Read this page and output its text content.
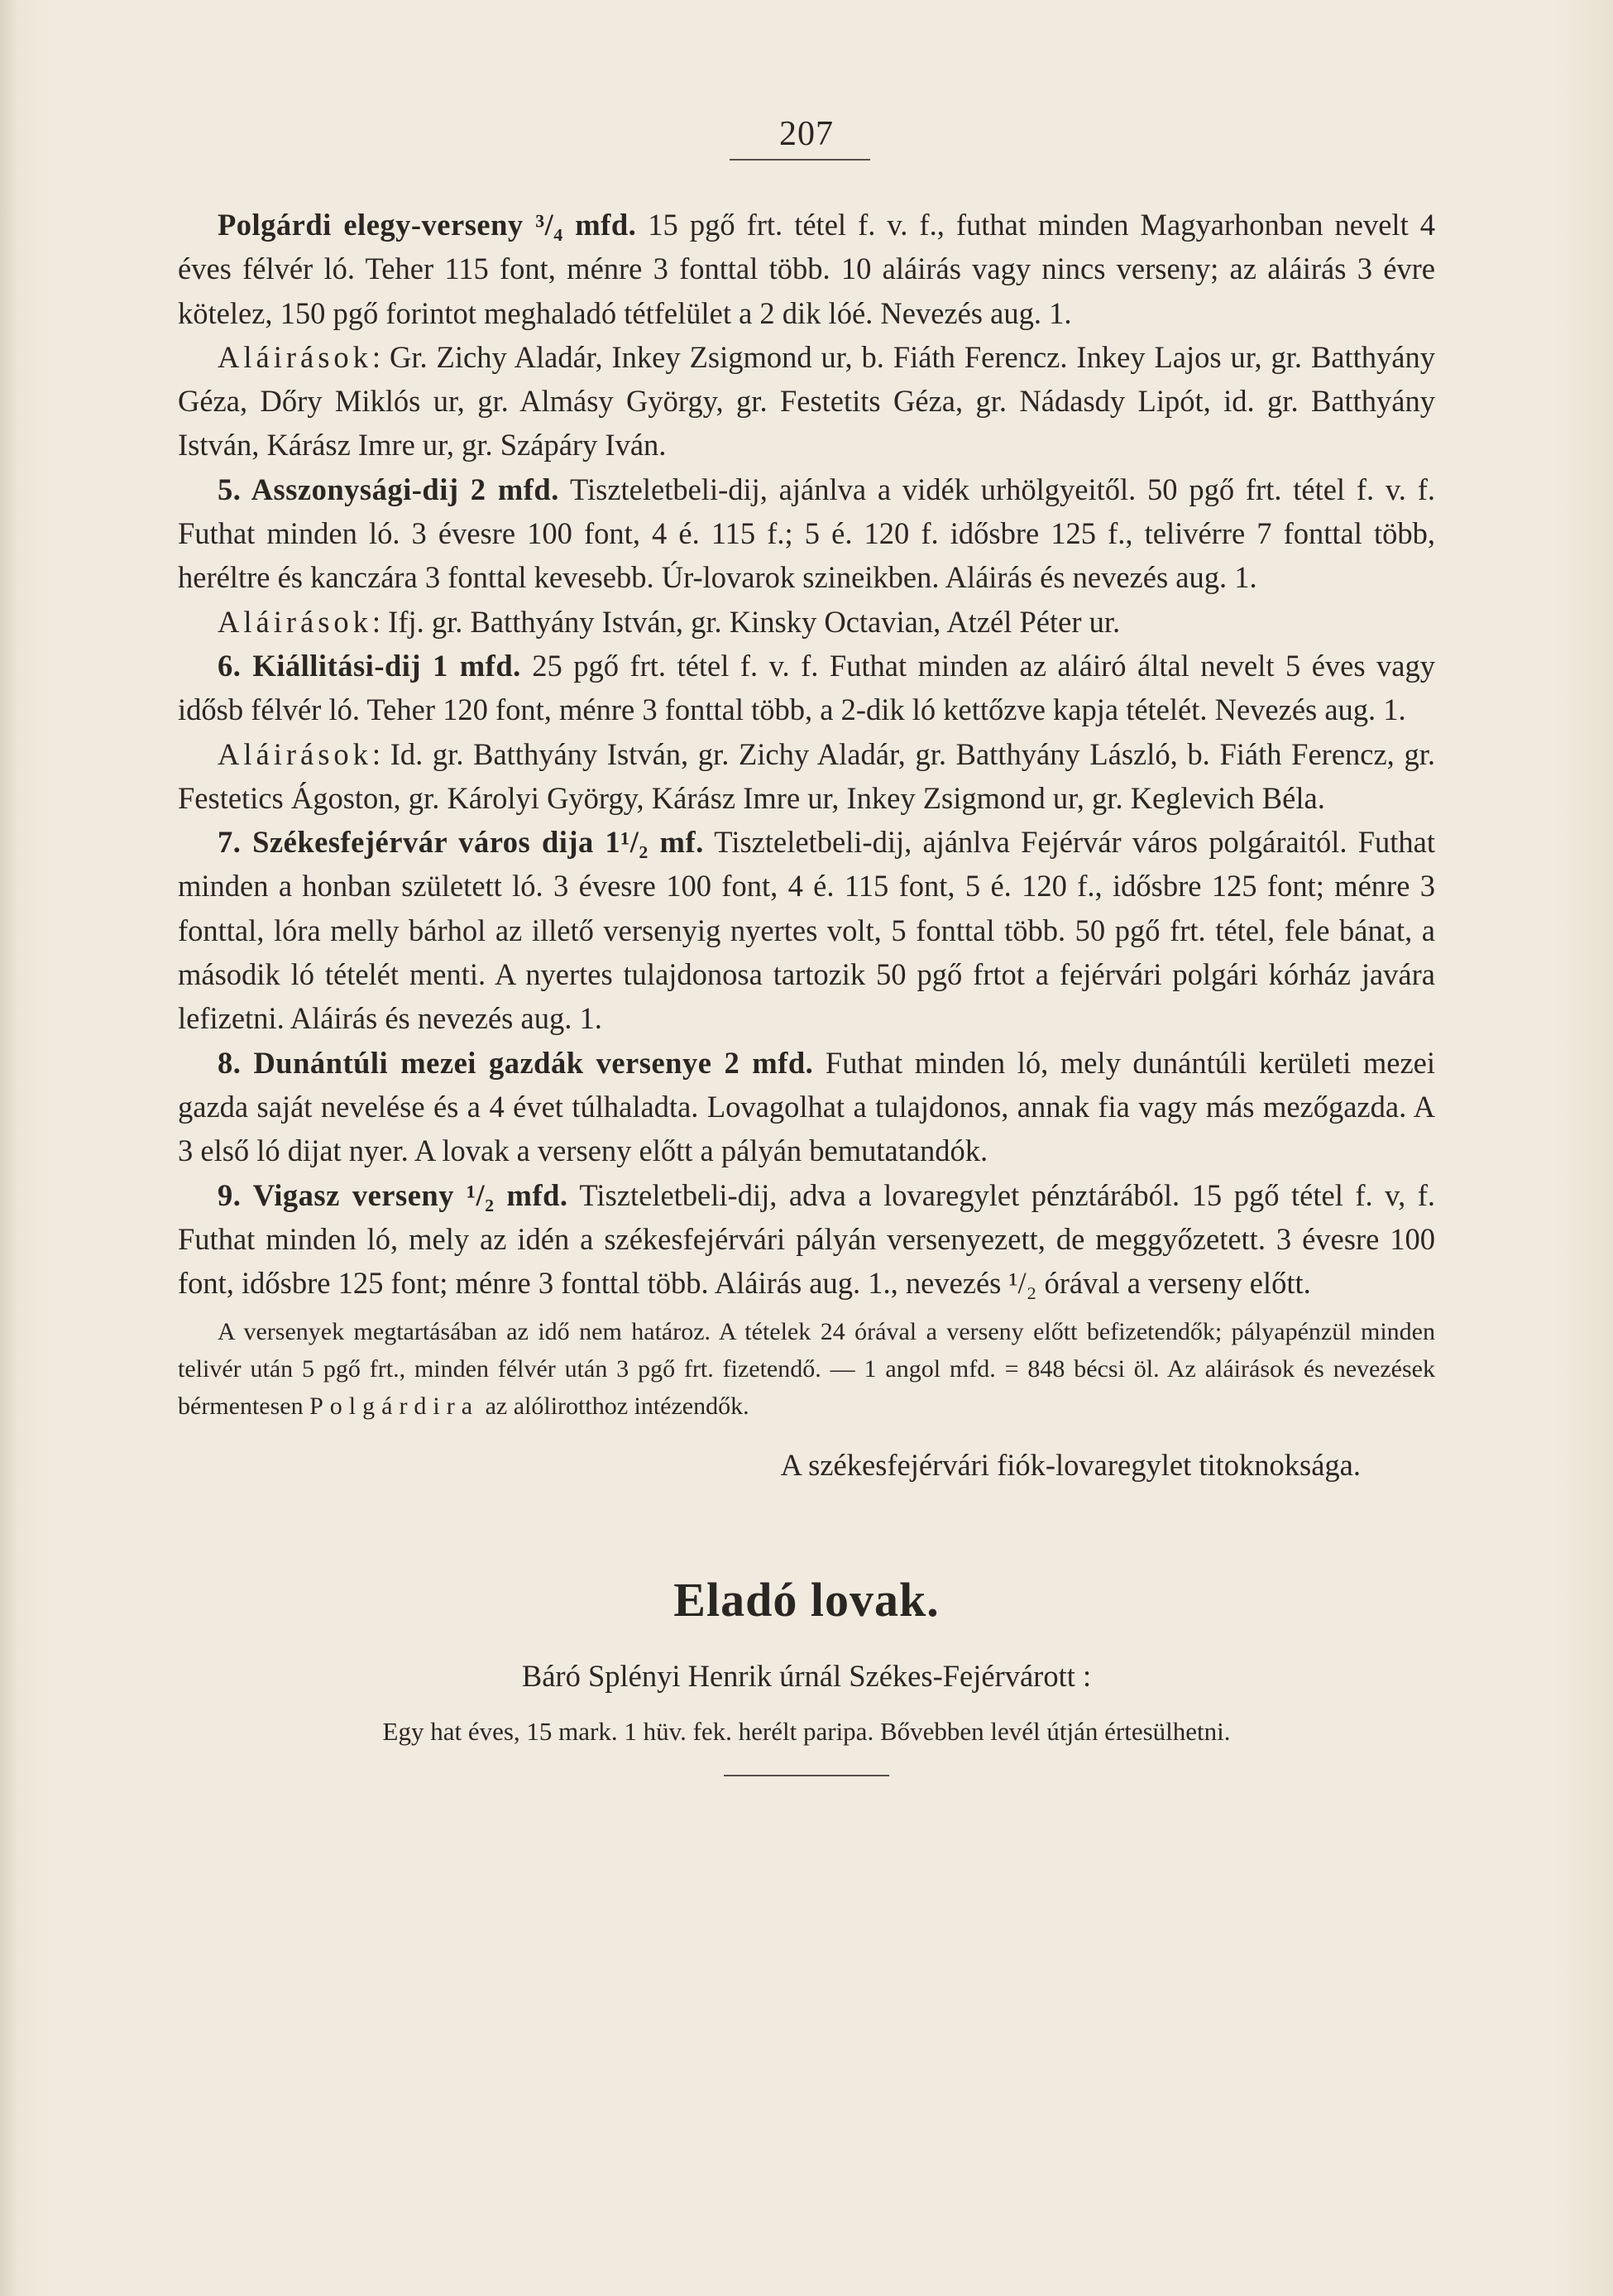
207

Polgárdi elegy-verseny ³/₄ mfd. 15 pgő frt. tétel f. v. f., futhat minden Magyarhonban nevelt 4 éves félvér ló. Teher 115 font, ménre 3 fonttal több. 10 aláirás vagy nincs verseny; az aláirás 3 évre kötelez, 150 pgő forintot meghaladó tétfelület a 2 dik lóé. Nevezés aug. 1.

Aláirások: Gr. Zichy Aladár, Inkey Zsigmond ur, b. Fiáth Ferencz. Inkey Lajos ur, gr. Batthyány Géza, Dőry Miklós ur, gr. Almásy György, gr. Festetits Géza, gr. Nádasdy Lipót, id. gr. Batthyány István, Kárász Imre ur, gr. Szápáry Iván.

5. Asszonysági-dij 2 mfd. Tiszteletbeli-dij, ajánlva a vidék urhölgyeitől. 50 pgő frt. tétel f. v. f. Futhat minden ló. 3 évesre 100 font, 4 é. 115 f.; 5 é. 120 f. idősbre 125 f., telivérre 7 fonttal több, heréltre és kanczára 3 fonttal kevesebb. Úr-lovarok szineikben. Aláirás és nevezés aug. 1.

Aláirások: Ifj. gr. Batthyány István, gr. Kinsky Octavian, Atzél Péter ur.

6. Kiállitási-dij 1 mfd. 25 pgő frt. tétel f. v. f. Futhat minden az aláiró által nevelt 5 éves vagy idősb félvér ló. Teher 120 font, ménre 3 fonttal több, a 2-dik ló kettőzve kapja tételét. Nevezés aug. 1.

Aláirások: Id. gr. Batthyány István, gr. Zichy Aladár, gr. Batthyány László, b. Fiáth Ferencz, gr. Festetics Ágoston, gr. Károlyi György, Kárász Imre ur, Inkey Zsigmond ur, gr. Keglevich Béla.

7. Székesfejérvár város dija 1¹/₂ mf. Tiszteletbeli-dij, ajánlva Fejérvár város polgáraitól. Futhat minden a honban született ló. 3 évesre 100 font, 4 é. 115 font, 5 é. 120 f., idősbre 125 font; ménre 3 fonttal, lóra melly bárhol az illető versenyig nyertes volt, 5 fonttal több. 50 pgő frt. tétel, fele bánat, a második ló tételét menti. A nyertes tulajdonosa tartozik 50 pgő frtot a fejérvári polgári kórház javára lefizetni. Aláirás és nevezés aug. 1.

8. Dunántúli mezei gazdák versenye 2 mfd. Futhat minden ló, mely dunántúli kerületi mezei gazda saját nevelése és a 4 évet túlhaladta. Lovagolhat a tulajdonos, annak fia vagy más mezőgazda. A 3 első ló dijat nyer. A lovak a verseny előtt a pályán bemutatandók.

9. Vigasz verseny ¹/₂ mfd. Tiszteletbeli-dij, adva a lovaregylet pénztárából. 15 pgő tétel f. v, f. Futhat minden ló, mely az idén a székesfejérvári pályán versenyezett, de meggyőzetett. 3 évesre 100 font, idősbre 125 font; ménre 3 fonttal több. Aláirás aug. 1., nevezés ¹/₂ órával a verseny előtt.

A versenyek megtartásában az idő nem határoz. A tételek 24 órával a verseny előtt befizetendők; pályapénzül minden telivér után 5 pgő frt., minden félvér után 3 pgő frt. fizetendő. — 1 angol mfd. = 848 bécsi öl. Az aláirások és nevezések bérmentesen Polgárdira az alólirotthoz intézendők.

A székesfejérvári fiók-lovaregylet titoknoksága.
Eladó lovak.
Báró Splényi Henrik úrnál Székes-Fejérvárott :
Egy hat éves, 15 mark. 1 hüv. fek. herélt paripa. Bővebben levél útján értesülhetni.
